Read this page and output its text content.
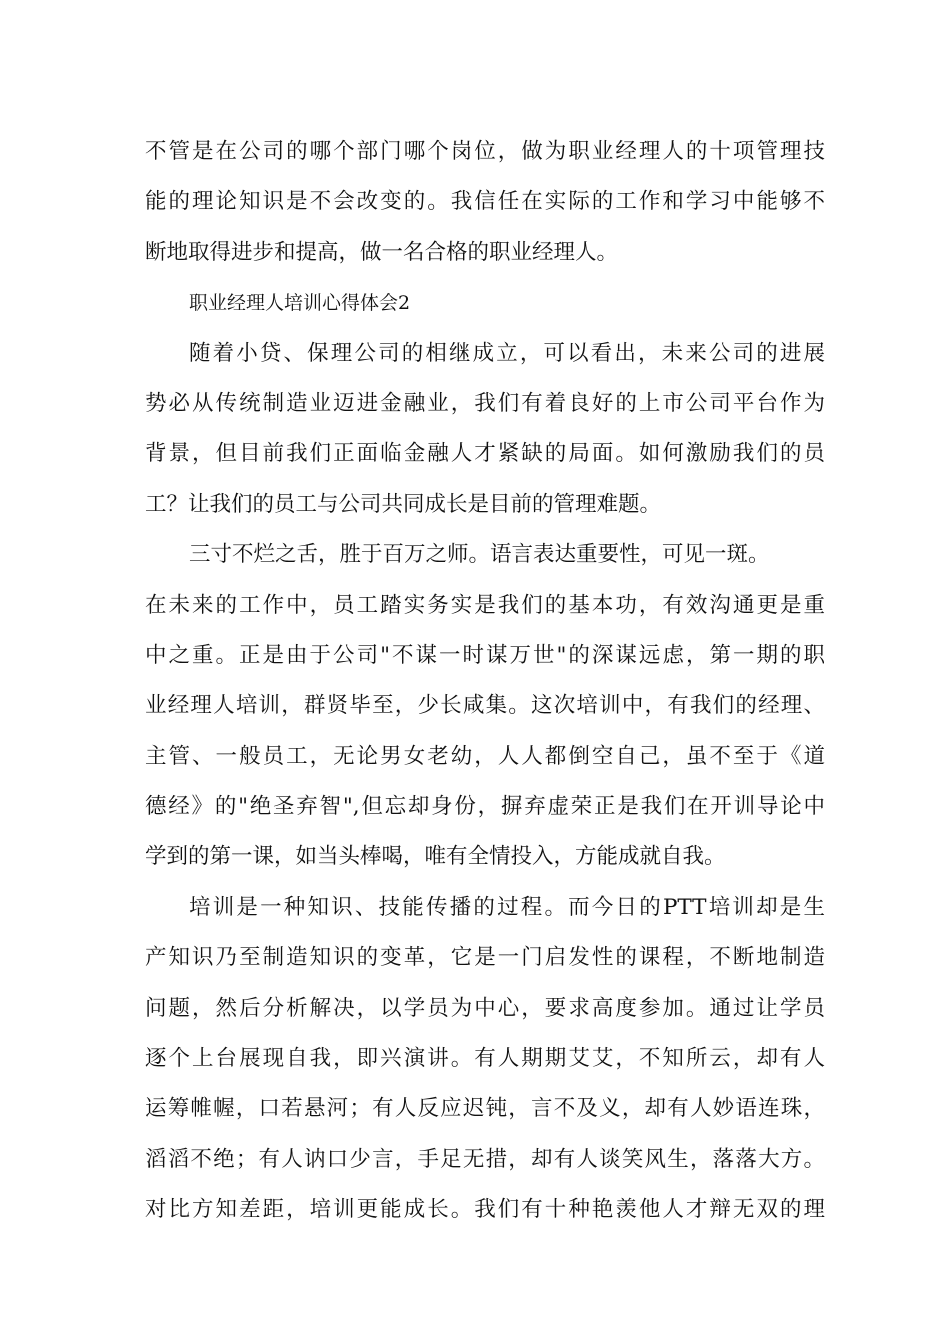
不管是在公司的哪个部门哪个岗位，做为职业经理人的十项管理技
能的理论知识是不会改变的。我信任在实际的工作和学习中能够不
断地取得进步和提高，做一名合格的职业经理人。
职业经理人培训心得体会2
随着小贷、保理公司的相继成立，可以看出，未来公司的进展
势必从传统制造业迈进金融业，我们有着良好的上市公司平台作为
背景，但目前我们正面临金融人才紧缺的局面。如何激励我们的员
工？让我们的员工与公司共同成长是目前的管理难题。
三寸不烂之舌，胜于百万之师。语言表达重要性，可见一斑。
在未来的工作中，员工踏实务实是我们的基本功，有效沟通更是重
中之重。正是由于公司"不谋一时谋万世"的深谋远虑，第一期的职
业经理人培训，群贤毕至，少长咸集。这次培训中，有我们的经理、
主管、一般员工，无论男女老幼，人人都倒空自己，虽不至于《道
德经》的"绝圣弃智",但忘却身份，摒弃虚荣正是我们在开训导论中
学到的第一课，如当头棒喝，唯有全情投入，方能成就自我。
培训是一种知识、技能传播的过程。而今日的PTT培训却是生
产知识乃至制造知识的变革，它是一门启发性的课程，不断地制造
问题，然后分析解决，以学员为中心，要求高度参加。通过让学员
逐个上台展现自我，即兴演讲。有人期期艾艾，不知所云，却有人
运筹帷幄，口若悬河；有人反应迟钝，言不及义，却有人妙语连珠，
滔滔不绝；有人讷口少言，手足无措，却有人谈笑风生，落落大方。
对比方知差距，培训更能成长。我们有十种艳羡他人才辩无双的理
